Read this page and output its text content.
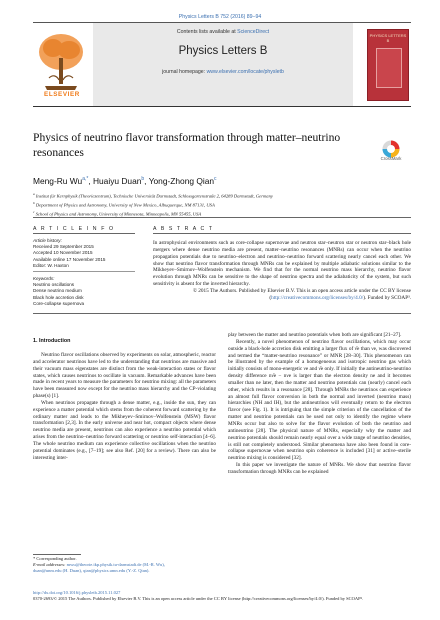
Physics Letters B 752 (2016) 89–94
ELSEVIER
Contents lists available at ScienceDirect
Physics Letters B
journal homepage: www.elsevier.com/locate/physletb
PHYSICS LETTERS B
Physics of neutrino flavor transformation through matter–neutrino resonances	CrossMark
Meng-Ru $Wu^{a,*}$, Huaiyu Duan$^b$, Yong-Zhong Qian$^c$
$^a$ Institut für Kernphysik (Theoriezentrum), Technische Universität Darmstadt, Schlossgartenstraße 2, 64289 Darmstadt, Germany
$^b$ Department of Physics and Astronomy, University of New Mexico, Albuquerque, NM 87131, USA
$^c$ School of Physics and Astronomy, University of Minnesota, Minneapolis, MN 55455, USA
A R T I C L E I N F O	A B S T R A C T
Article history:
Received 29 September 2015
Accepted 10 November 2015
Available online 17 November 2015
Editor: W. Haxton
Keywords:
Neutrino oscillations
Dense neutrino medium
Black hole accretion disk
Core-collapse supernova
In astrophysical environments such as core-collapse supernovae and neutron star–neutron star or neutron star–black hole mergers where dense neutrino media are present, matter–neutrino resonances (MNRs) can occur when the neutrino propagation potentials due to neutrino–electron and neutrino–neutrino forward scattering nearly cancel each other. We show that neutrino flavor transformation through MNRs can be explained by multiple adiabatic solutions similar to the Mikheyev–Smirnov–Wolfenstein mechanism. We find that for the normal neutrino mass hierarchy, neutrino flavor evolution through MNRs can be sensitive to the shape of neutrino spectra and the adiabaticity of the system, but such sensitivity is absent for the inverted hierarchy.
© 2015 The Authors. Published by Elsevier B.V. This is an open access article under the CC BY license (http://creativecommons.org/licenses/by/4.0/). Funded by SCOAP³.
1. Introduction

Neutrino flavor oscillations observed by experiments on solar, atmospheric, reactor and accelerator neutrinos have led to the understanding that neutrinos are massive and their vacuum mass eigenstates are distinct from the weak-interaction states or flavor states, which causes neutrinos to oscillate in vacuum. Remarkable advances have been made in recent years to measure the parameters for neutrino mixing: all the parameters have been measured now except for the neutrino mass hierarchy and the CP-violating phase(s) [1].

When neutrinos propagate through a dense matter, e.g., inside the sun, they can experience a matter potential which stems from the coherent forward scattering by the ordinary matter and leads to the Mikheyev–Smirnov–Wolfenstein (MSW) flavor transformation [2,3]. In the early universe and near hot, compact objects where dense neutrino media are present, neutrinos can also experience a neutrino potential which arises from the neutrino–neutrino forward scattering or neutrino self-interaction [4–6]. The whole neutrino medium can experience collective oscillations when the neutrino potential dominates (e.g., [7–19]; see also Ref. [20] for a review). There can also be interesting inter-

play between the matter and neutrino potentials when both are significant [21–27].

Recently, a novel phenomenon of neutrino flavor oscillations, which may occur outside a black-hole accretion disk emitting a larger flux of ν̄e than νe, was discovered and termed the “matter-neutrino resonance” or MNR [28–30]. This phenomenon can be illustrated by the example of a homogeneous and isotropic neutrino gas which initially consists of mono-energetic νe and ν̄e only. If initially the antineutrino-neutrino density difference nν̄e − nνe is larger than the electron density ne and it becomes smaller than ne later, then the matter and neutrino potentials can (nearly) cancel each other, which results in a resonance [28]. Through MNRs the neutrinos can experience an almost full flavor conversion in both the normal and inverted (neutrino mass) hierarchies (NH and IH), but the antineutrinos will eventually return to the electron flavor (see Fig. 1). It is intriguing that the simple criterion of the cancellation of the matter and neutrino potentials can be used not only to identify the regime where MNRs occur but also to solve for the flavor evolution of both the neutrino and antineutrino [28]. The physical nature of MNRs, especially why the matter and neutrino potentials should remain nearly equal over a wide range of neutrino densities, is still not completely understood. Similar phenomena have also been found in core-collapse supernovae when neutrino spin coherence is included [31] or active–sterile neutrino mixing is considered [32].

In this paper we investigate the nature of MNRs. We show that neutrino flavor transformation through MNRs can be explained

* Corresponding author.
E-mail addresses: mwu@theorie.ikp.physik.tu-darmstadt.de (M.-R. Wu),
duan@unm.edu (H. Duan), qian@physics.umn.edu (Y.-Z. Qian).
http://dx.doi.org/10.1016/j.physletb.2015.11.027
0370-2693/© 2015 The Authors. Published by Elsevier B.V. This is an open access article under the CC BY license (http://creativecommons.org/licenses/by/4.0/). Funded by SCOAP³.
